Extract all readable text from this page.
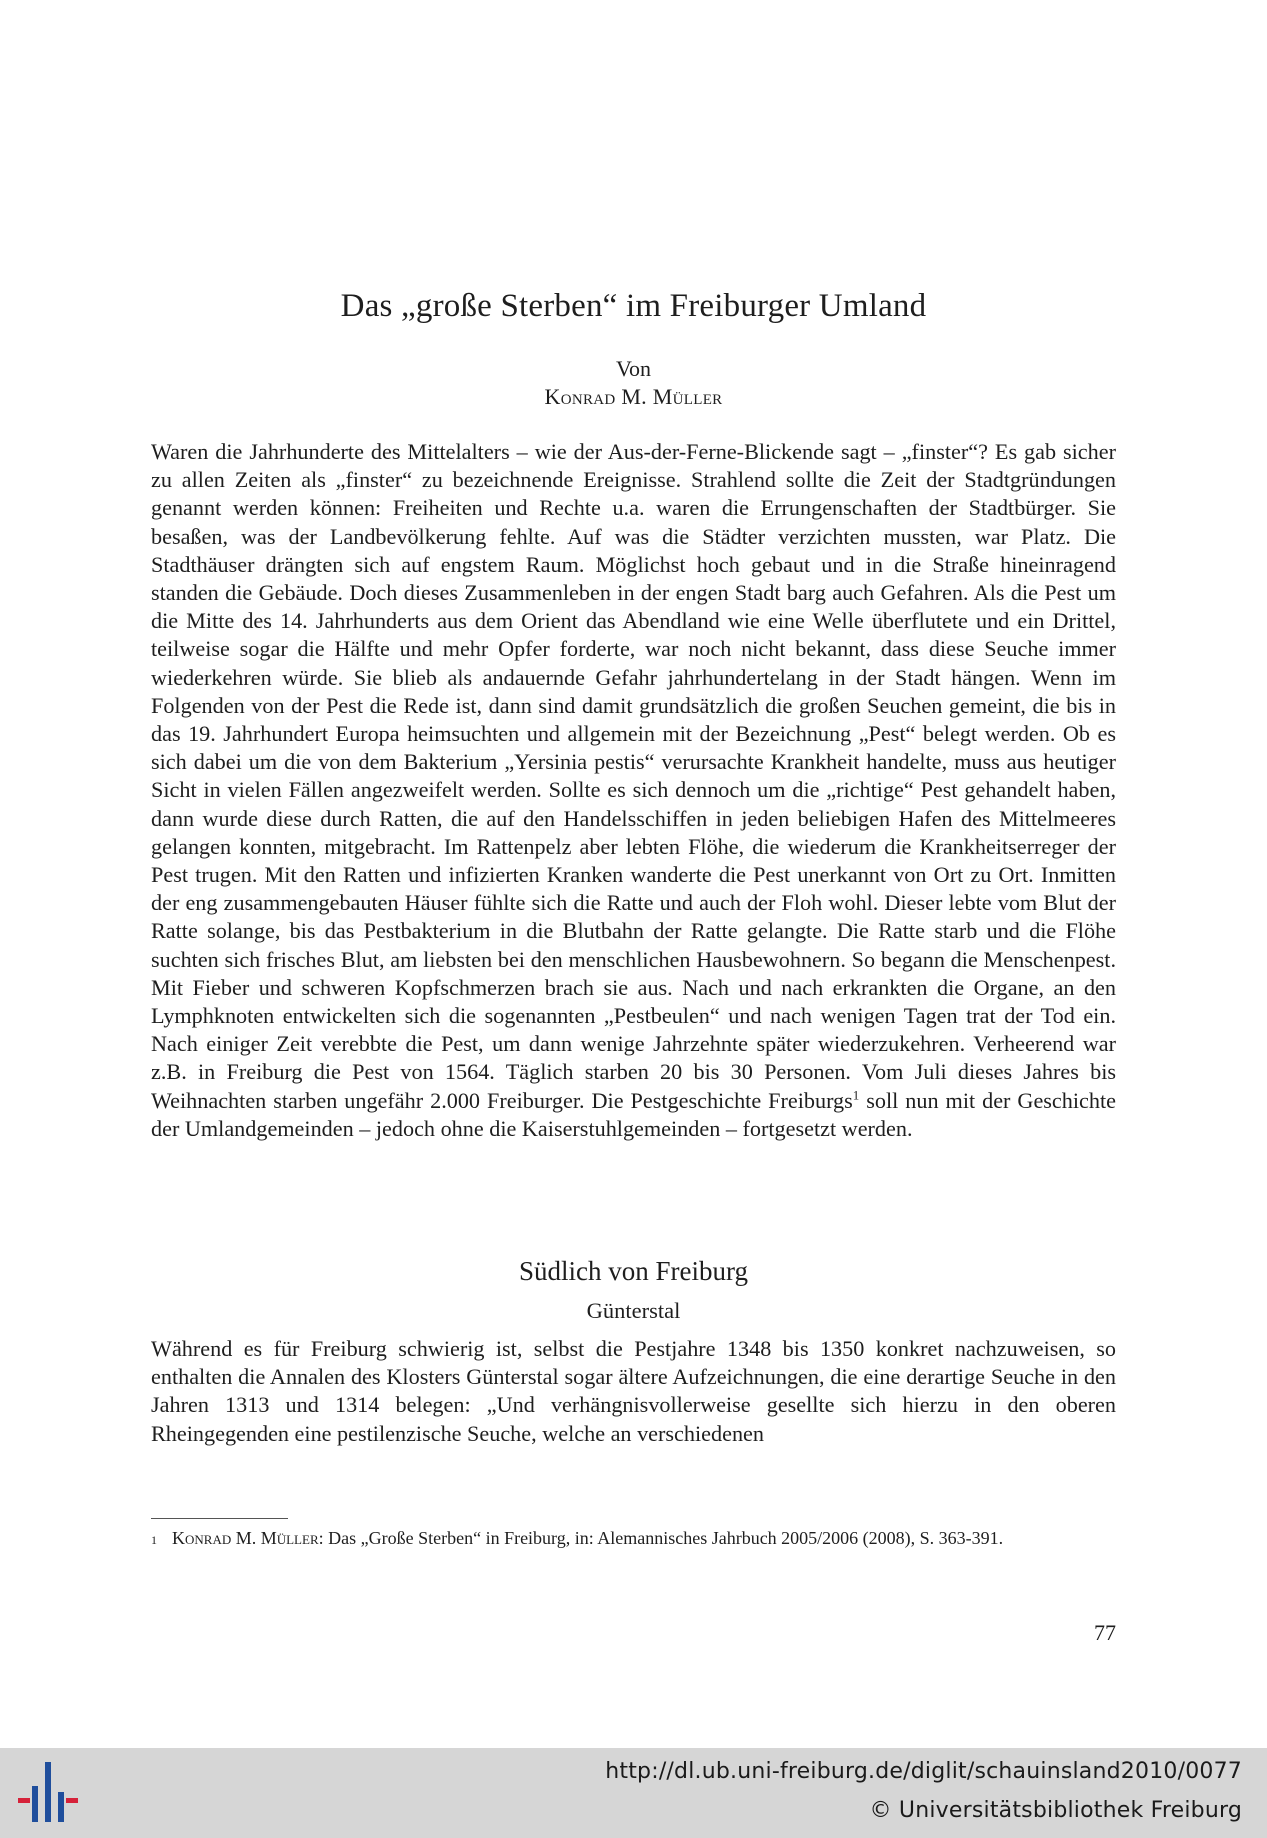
Das „große Sterben“ im Freiburger Umland
Von
Konrad M. Müller

Waren die Jahrhunderte des Mittelalters – wie der Aus-der-Ferne-Blickende sagt – „finster“? Es gab sicher zu allen Zeiten als „finster“ zu bezeichnende Ereignisse. Strahlend sollte die Zeit der Stadtgründungen genannt werden können: Freiheiten und Rechte u.a. waren die Errungenschaften der Stadtbürger. Sie besaßen, was der Landbevölkerung fehlte. Auf was die Städter verzichten mussten, war Platz. Die Stadthäuser drängten sich auf engstem Raum. Möglichst hoch gebaut und in die Straße hineinragend standen die Gebäude. Doch dieses Zusammenleben in der engen Stadt barg auch Gefahren. Als die Pest um die Mitte des 14. Jahrhunderts aus dem Orient das Abendland wie eine Welle überflutete und ein Drittel, teilweise sogar die Hälfte und mehr Opfer forderte, war noch nicht bekannt, dass diese Seuche immer wiederkehren würde. Sie blieb als andauernde Gefahr jahrhundertelang in der Stadt hängen. Wenn im Folgenden von der Pest die Rede ist, dann sind damit grundsätzlich die großen Seuchen gemeint, die bis in das 19. Jahrhundert Europa heimsuchten und allgemein mit der Bezeichnung „Pest“ belegt werden. Ob es sich dabei um die von dem Bakterium „Yersinia pestis“ verursachte Krankheit handelte, muss aus heutiger Sicht in vielen Fällen angezweifelt werden. Sollte es sich dennoch um die „richtige“ Pest gehandelt haben, dann wurde diese durch Ratten, die auf den Handelsschiffen in jeden beliebigen Hafen des Mittelmeeres gelangen konnten, mitgebracht. Im Rattenpelz aber lebten Flöhe, die wiederum die Krankheitserreger der Pest trugen. Mit den Ratten und infizierten Kranken wanderte die Pest unerkannt von Ort zu Ort. Inmitten der eng zusammengebauten Häuser fühlte sich die Ratte und auch der Floh wohl. Dieser lebte vom Blut der Ratte solange, bis das Pestbakterium in die Blutbahn der Ratte gelangte. Die Ratte starb und die Flöhe suchten sich frisches Blut, am liebsten bei den menschlichen Hausbewohnern. So begann die Menschenpest. Mit Fieber und schweren Kopfschmerzen brach sie aus. Nach und nach erkrankten die Organe, an den Lymphknoten entwickelten sich die sogenannten „Pestbeulen“ und nach wenigen Tagen trat der Tod ein. Nach einiger Zeit verebbte die Pest, um dann wenige Jahrzehnte später wiederzukehren. Verheerend war z.B. in Freiburg die Pest von 1564. Täglich starben 20 bis 30 Personen. Vom Juli dieses Jahres bis Weihnachten starben ungefähr 2.000 Freiburger. Die Pestgeschichte Freiburgs$^1$ soll nun mit der Geschichte der Umlandgemeinden – jedoch ohne die Kaiserstuhlgemeinden – fortgesetzt werden.

Südlich von Freiburg
Günterstal

Während es für Freiburg schwierig ist, selbst die Pestjahre 1348 bis 1350 konkret nachzuweisen, so enthalten die Annalen des Klosters Günterstal sogar ältere Aufzeichnungen, die eine derartige Seuche in den Jahren 1313 und 1314 belegen: „Und verhängnisvollerweise gesellte sich hierzu in den oberen Rheingegenden eine pestilenzische Seuche, welche an verschiedenen

1 Konrad M. Müller: Das „Große Sterben“ in Freiburg, in: Alemannisches Jahrbuch 2005/2006 (2008), S. 363-391.

77
http://dl.ub.uni-freiburg.de/diglit/schauinsland2010/0077
© Universitätsbibliothek Freiburg
